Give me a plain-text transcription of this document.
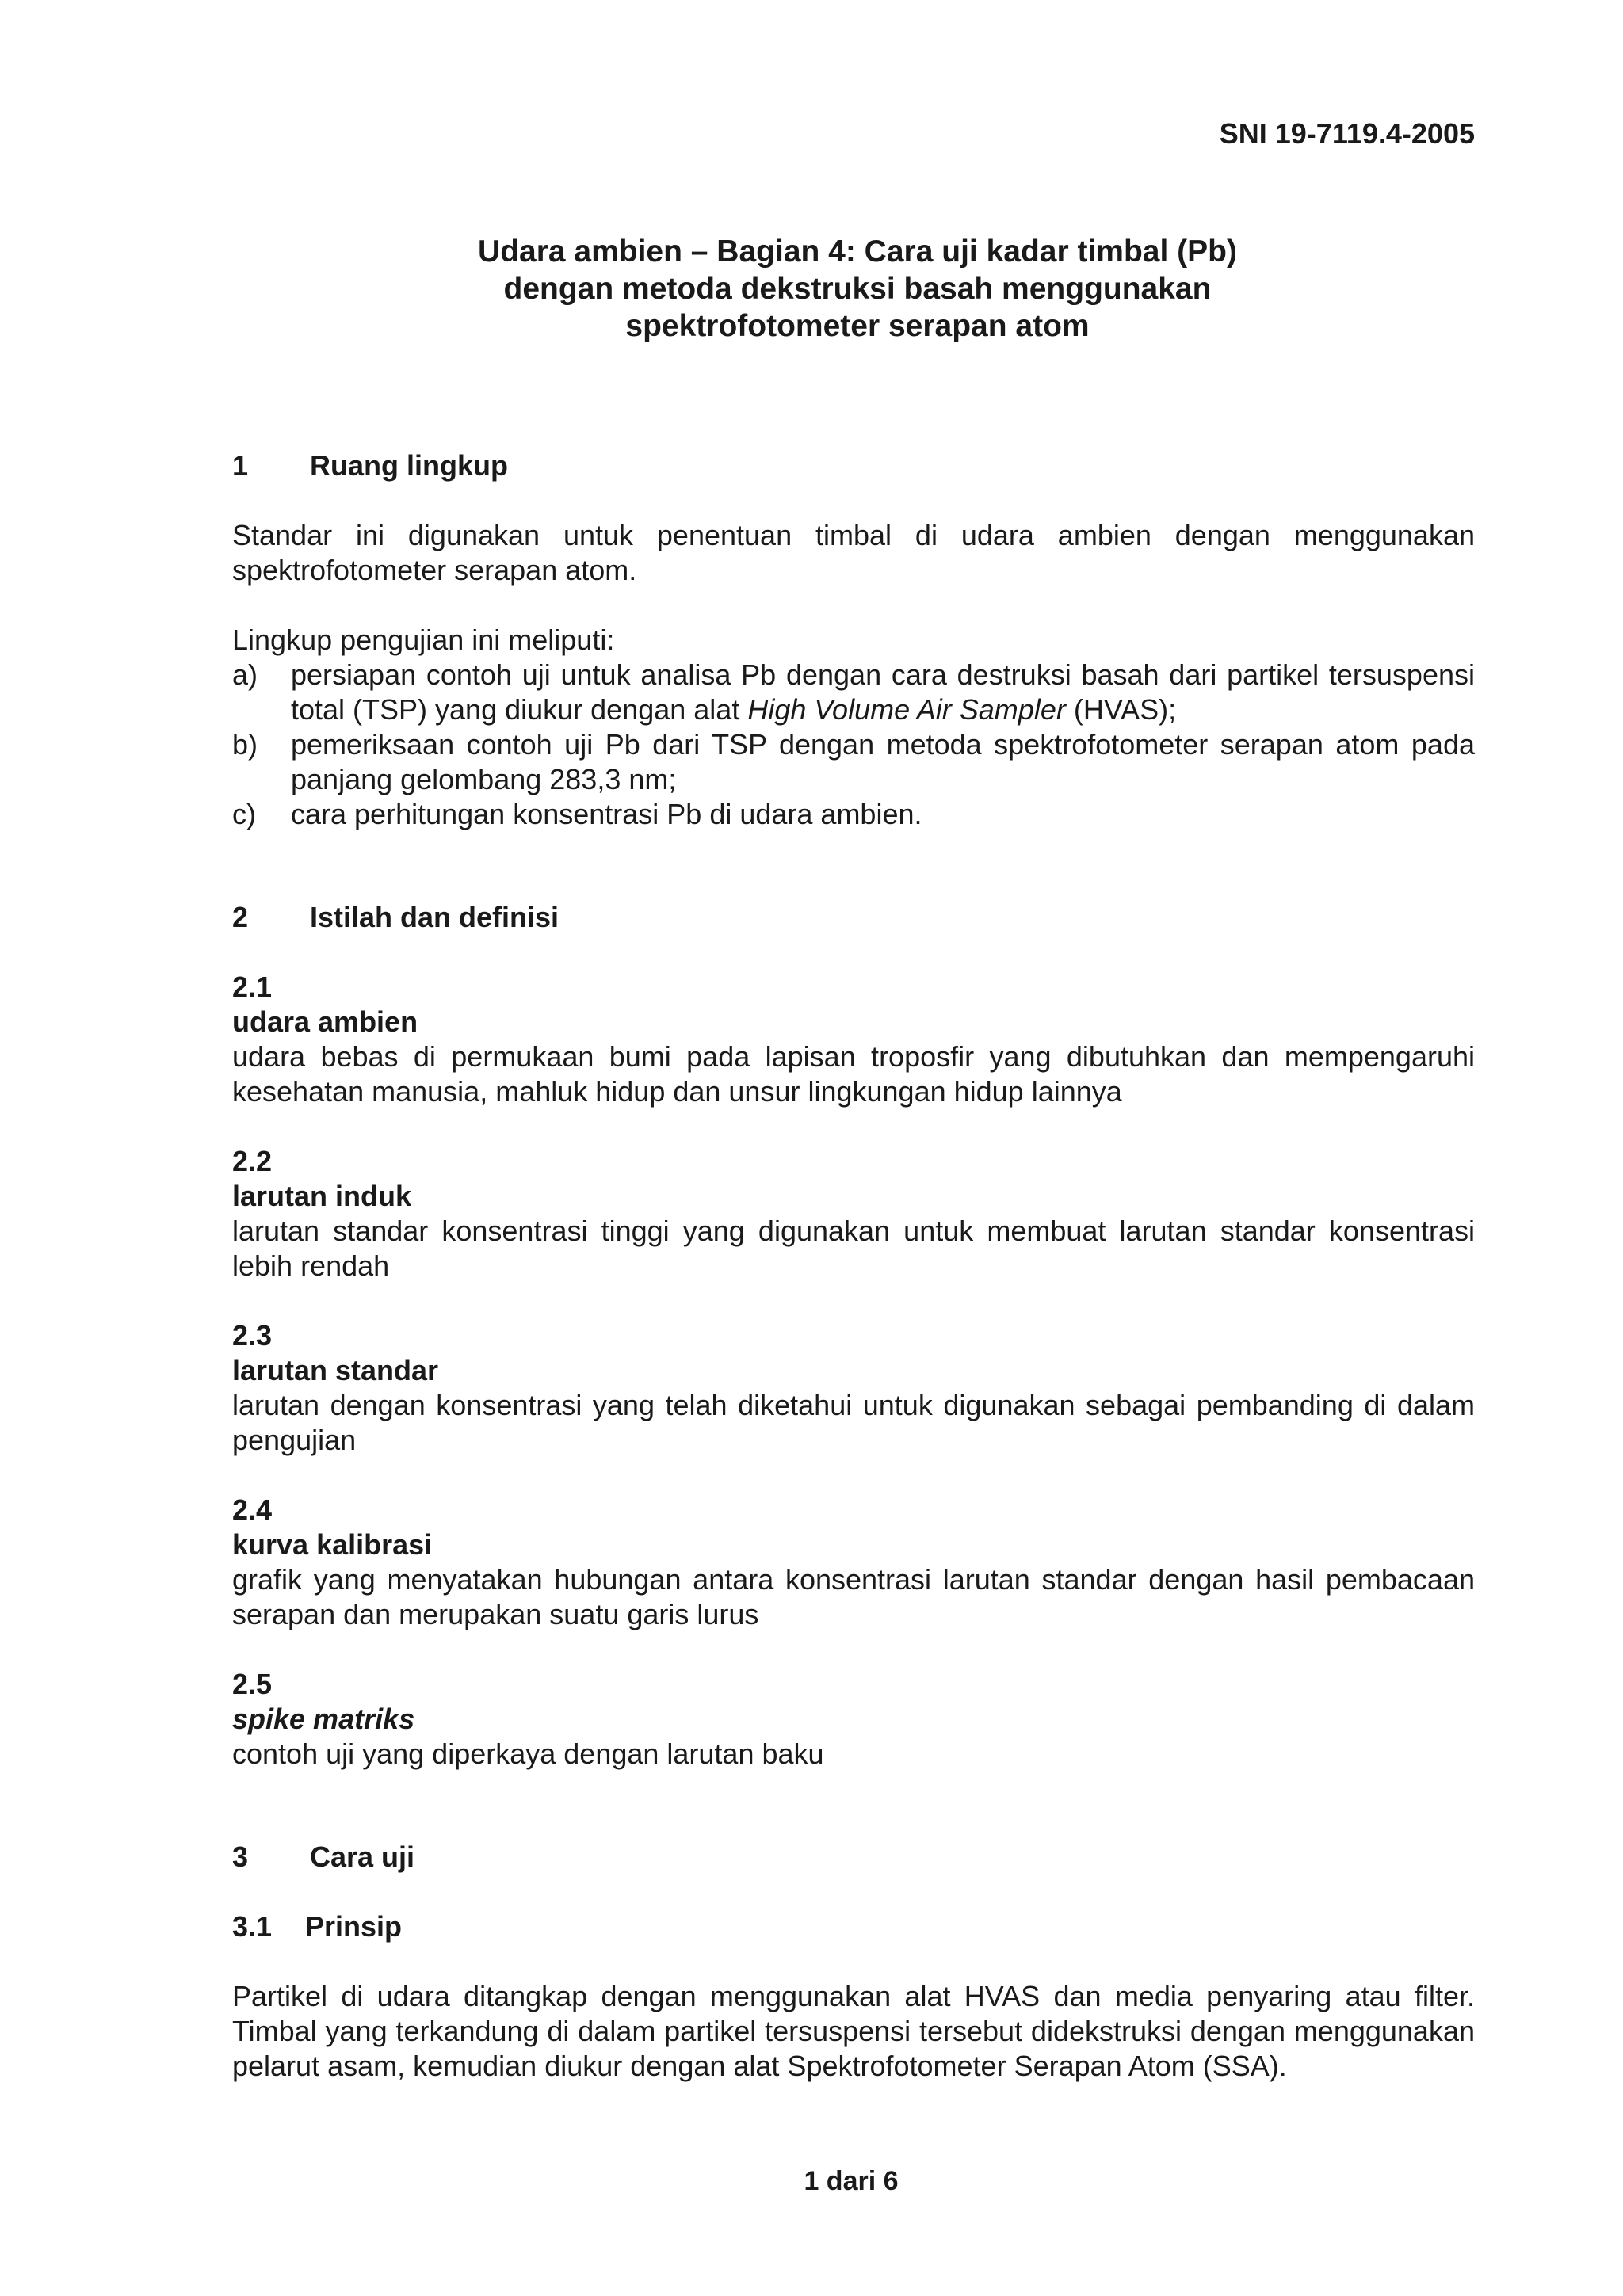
SNI 19-7119.4-2005
Udara ambien – Bagian 4: Cara uji kadar timbal (Pb)
dengan metoda dekstruksi basah menggunakan
spektrofotometer serapan atom
1 Ruang lingkup

Standar ini digunakan untuk penentuan timbal di udara ambien dengan menggunakan spektrofotometer serapan atom.

Lingkup pengujian ini meliputi:

a)	persiapan contoh uji untuk analisa Pb dengan cara destruksi basah dari partikel tersuspensi total (TSP) yang diukur dengan alat High Volume Air Sampler (HVAS);
b)	pemeriksaan contoh uji Pb dari TSP dengan metoda spektrofotometer serapan atom pada panjang gelombang 283,3 nm;
c)	cara perhitungan konsentrasi Pb di udara ambien.
2 Istilah dan definisi
2.1
udara ambien

udara bebas di permukaan bumi pada lapisan troposfir yang dibutuhkan dan mempengaruhi kesehatan manusia, mahluk hidup dan unsur lingkungan hidup lainnya

2.2
larutan induk

larutan standar konsentrasi tinggi yang digunakan untuk membuat larutan standar konsentrasi lebih rendah

2.3
larutan standar

larutan dengan konsentrasi yang telah diketahui untuk digunakan sebagai pembanding di dalam pengujian

2.4
kurva kalibrasi

grafik yang menyatakan hubungan antara konsentrasi larutan standar dengan hasil pembacaan serapan dan merupakan suatu garis lurus

2.5
spike matriks

contoh uji yang diperkaya dengan larutan baku

3 Cara uji
3.1 Prinsip

Partikel di udara ditangkap dengan menggunakan alat HVAS dan media penyaring atau filter. Timbal yang terkandung di dalam partikel tersuspensi tersebut didekstruksi dengan menggunakan pelarut asam, kemudian diukur dengan alat Spektrofotometer Serapan Atom (SSA).

1 dari 6
